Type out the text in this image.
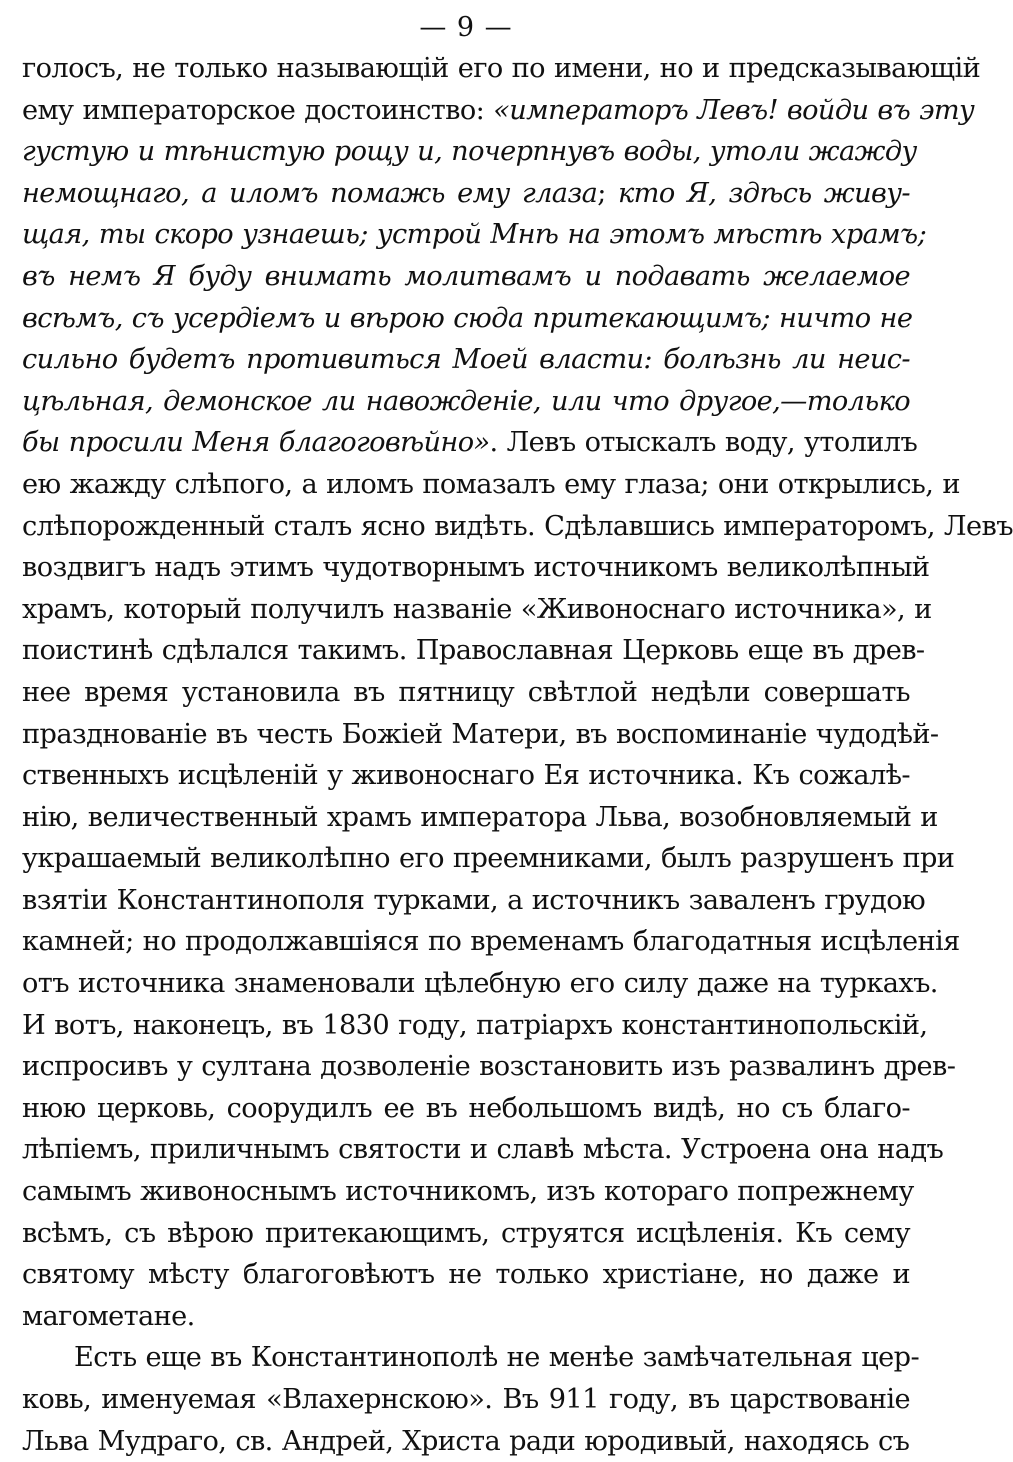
— 9 —
голосъ, не только называющій его по имени, но и предсказывающій
ему императорское достоинство: «императоръ Левъ! войди въ эту
густую и тѣнистую рощу и, почерпнувъ воды, утоли жажду
немощнаго, а иломъ помажь ему глаза; кто Я, здѣсь живу-
щая, ты скоро узнаешь; устрой Мнѣ на этомъ мѣстѣ храмъ;
въ немъ Я буду внимать молитвамъ и подавать желаемое
всѣмъ, съ усердіемъ и вѣрою сюда притекающимъ; ничто не
сильно будетъ противиться Моей власти: болѣзнь ли неис-
цѣльная, демонское ли навожденіе, или что другое,—только
бы просили Меня благоговѣйно». Левъ отыскалъ воду, утолилъ
ею жажду слѣпого, а иломъ помазалъ ему глаза; они открылись, и
слѣпорожденный сталъ ясно видѣть. Сдѣлавшись императоромъ, Левъ
воздвигъ надъ этимъ чудотворнымъ источникомъ великолѣпный
храмъ, который получилъ названіе «Живоноснаго источника», и
поистинѣ сдѣлался такимъ. Православная Церковь еще въ древ-
нее время установила въ пятницу свѣтлой недѣли совершать
празднованіе въ честь Божіей Матери, въ воспоминаніе чудодѣй-
ственныхъ исцѣленій у живоноснаго Ея источника. Къ сожалѣ-
нію, величественный храмъ императора Льва, возобновляемый и
украшаемый великолѣпно его преемниками, былъ разрушенъ при
взятіи Константинополя турками, а источникъ заваленъ грудою
камней; но продолжавшіяся по временамъ благодатныя исцѣленія
отъ источника знаменовали цѣлебную его силу даже на туркахъ.
И вотъ, наконецъ, въ 1830 году, патріархъ константинопольскій,
испросивъ у султана дозволеніе возстановить изъ развалинъ древ-
нюю церковь, соорудилъ ее въ небольшомъ видѣ, но съ благо-
лѣпіемъ, приличнымъ святости и славѣ мѣста. Устроена она надъ
самымъ живоноснымъ источникомъ, изъ котораго попрежнему
всѣмъ, съ вѣрою притекающимъ, струятся исцѣленія. Къ сему
святому мѣсту благоговѣютъ не только христіане, но даже и
магометане.
Есть еще въ Константинополѣ не менѣе замѣчательная цер-
ковь, именуемая «Влахернскою». Въ 911 году, въ царствованіе
Льва Мудраго, св. Андрей, Христа ради юродивый, находясь съ
